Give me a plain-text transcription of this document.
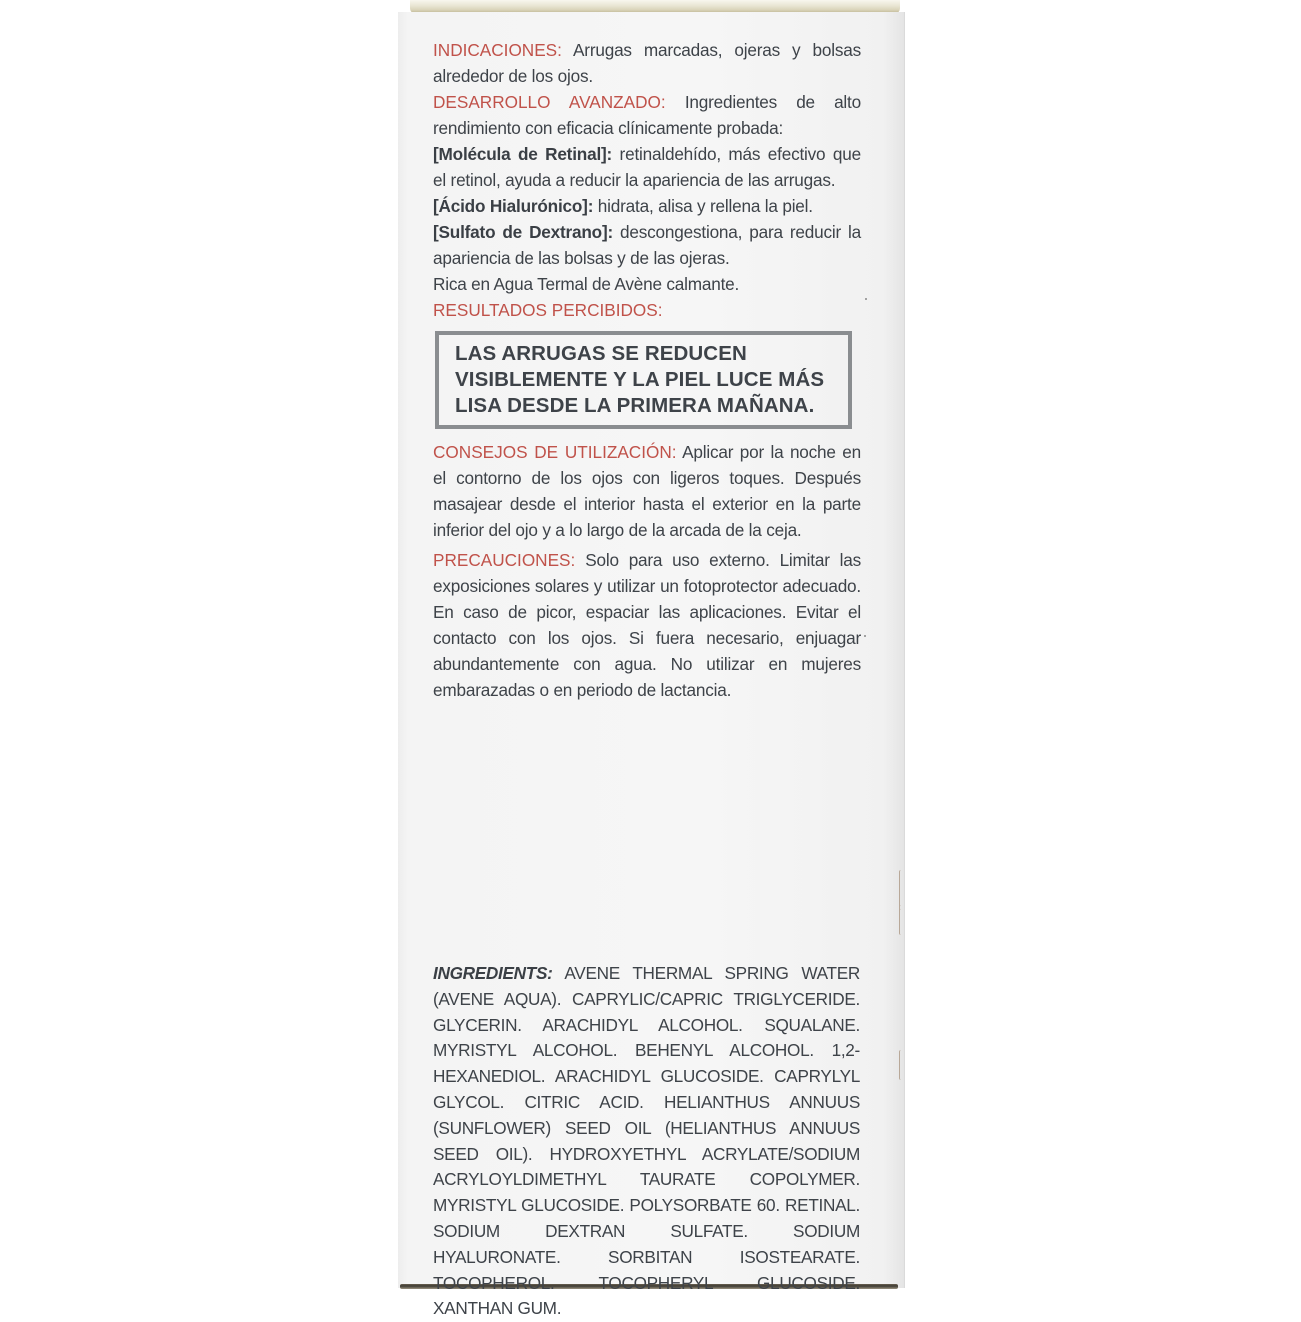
INDICACIONES: Arrugas marcadas, ojeras y bolsas alrededor de los ojos.

DESARROLLO AVANZADO: Ingredientes de alto rendimiento con eficacia clínicamente probada:

[Molécula de Retinal]: retinaldehído, más efectivo que el retinol, ayuda a reducir la apariencia de las arrugas.

[Ácido Hialurónico]: hidrata, alisa y rellena la piel.

[Sulfato de Dextrano]: descongestiona, para reducir la apariencia de las bolsas y de las ojeras.

Rica en Agua Termal de Avène calmante.

RESULTADOS PERCIBIDOS:

LAS ARRUGAS SE REDUCEN
VISIBLEMENTE Y LA PIEL LUCE MÁS
LISA DESDE LA PRIMERA MAÑANA.

CONSEJOS DE UTILIZACIÓN: Aplicar por la noche en el contorno de los ojos con ligeros toques. Después masajear desde el interior hasta el exterior en la parte inferior del ojo y a lo largo de la arcada de la ceja.

PRECAUCIONES: Solo para uso externo. Limitar las exposiciones solares y utilizar un fotoprotector adecuado. En caso de picor, espaciar las aplicaciones. Evitar el contacto con los ojos. Si fuera necesario, enjuagar abundantemente con agua. No utilizar en mujeres embarazadas o en periodo de lactancia.

INGREDIENTS: AVENE THERMAL SPRING WATER (AVENE AQUA). CAPRYLIC/CAPRIC TRIGLYCERIDE. GLYCERIN. ARACHIDYL ALCOHOL. SQUALANE. MYRISTYL ALCOHOL. BEHENYL ALCOHOL. 1,2-HEXANEDIOL. ARACHIDYL GLUCOSIDE. CAPRYLYL GLYCOL. CITRIC ACID. HELIANTHUS ANNUUS (SUNFLOWER) SEED OIL (HELIANTHUS ANNUUS SEED OIL). HYDROXYETHYL ACRYLATE/SODIUM ACRYLOYLDIMETHYL TAURATE COPOLYMER. MYRISTYL GLUCOSIDE. POLYSORBATE 60. RETINAL. SODIUM DEXTRAN SULFATE. SODIUM HYALURONATE. SORBITAN ISOSTEARATE. TOCOPHEROL. TOCOPHERYL GLUCOSIDE. XANTHAN GUM.
